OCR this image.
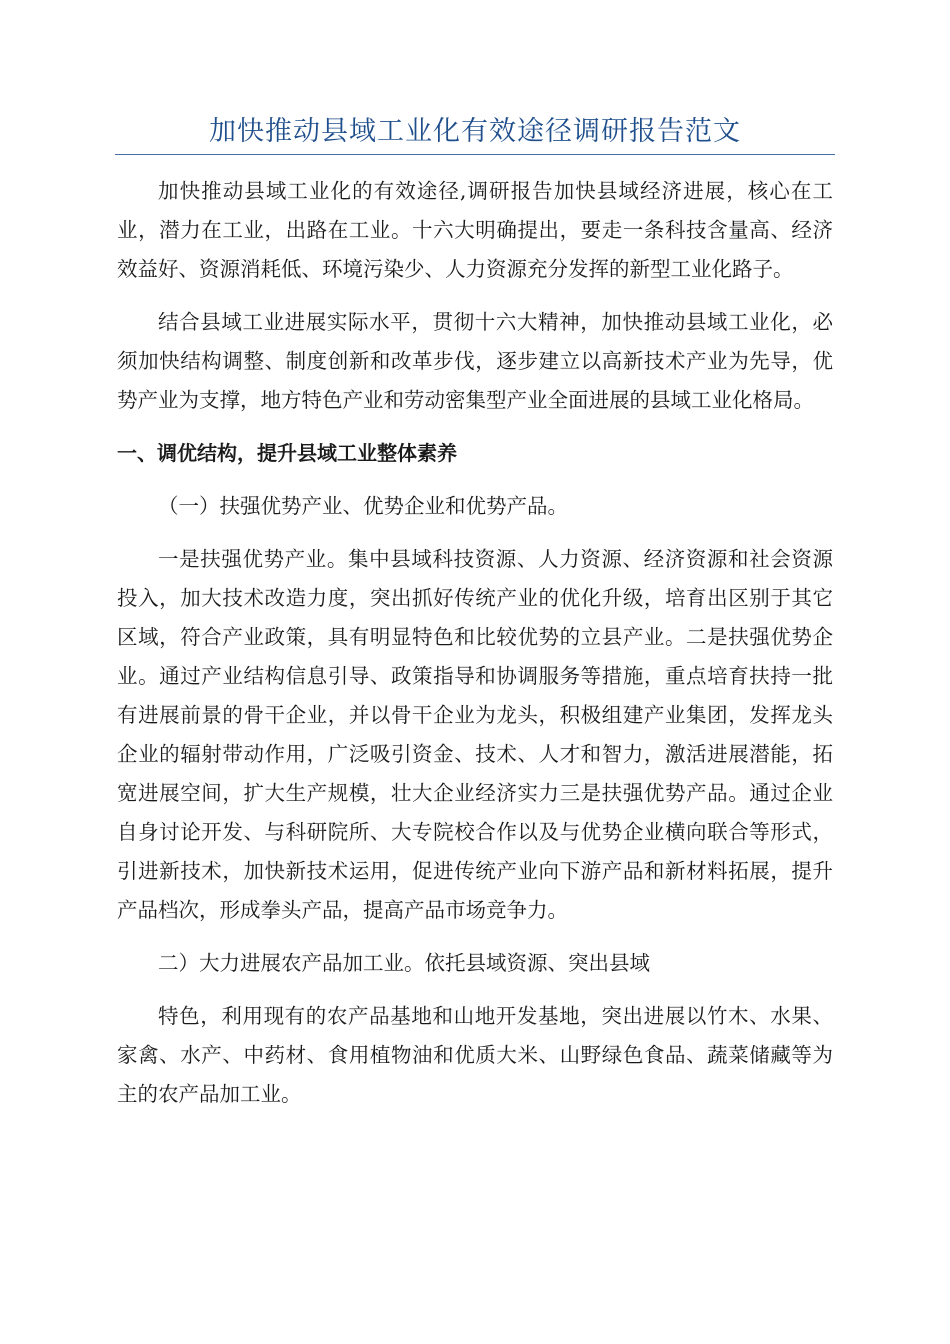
加快推动县域工业化有效途径调研报告范文

加快推动县域工业化的有效途径,调研报告加快县域经济进展，核心在工业，潜力在工业，出路在工业。十六大明确提出，要走一条科技含量高、经济效益好、资源消耗低、环境污染少、人力资源充分发挥的新型工业化路子。

结合县域工业进展实际水平，贯彻十六大精神，加快推动县域工业化，必须加快结构调整、制度创新和改革步伐，逐步建立以高新技术产业为先导，优势产业为支撑，地方特色产业和劳动密集型产业全面进展的县域工业化格局。

一、调优结构，提升县域工业整体素养

（一）扶强优势产业、优势企业和优势产品。

一是扶强优势产业。集中县域科技资源、人力资源、经济资源和社会资源投入，加大技术改造力度，突出抓好传统产业的优化升级，培育出区别于其它区域，符合产业政策，具有明显特色和比较优势的立县产业。二是扶强优势企业。通过产业结构信息引导、政策指导和协调服务等措施，重点培育扶持一批有进展前景的骨干企业，并以骨干企业为龙头，积极组建产业集团，发挥龙头企业的辐射带动作用，广泛吸引资金、技术、人才和智力，激活进展潜能，拓宽进展空间，扩大生产规模，壮大企业经济实力三是扶强优势产品。通过企业自身讨论开发、与科研院所、大专院校合作以及与优势企业横向联合等形式，引进新技术，加快新技术运用，促进传统产业向下游产品和新材料拓展，提升产品档次，形成拳头产品，提高产品市场竞争力。

二）大力进展农产品加工业。依托县域资源、突出县域

特色，利用现有的农产品基地和山地开发基地，突出进展以竹木、水果、家禽、水产、中药材、食用植物油和优质大米、山野绿色食品、蔬菜储藏等为主的农产品加工业。
